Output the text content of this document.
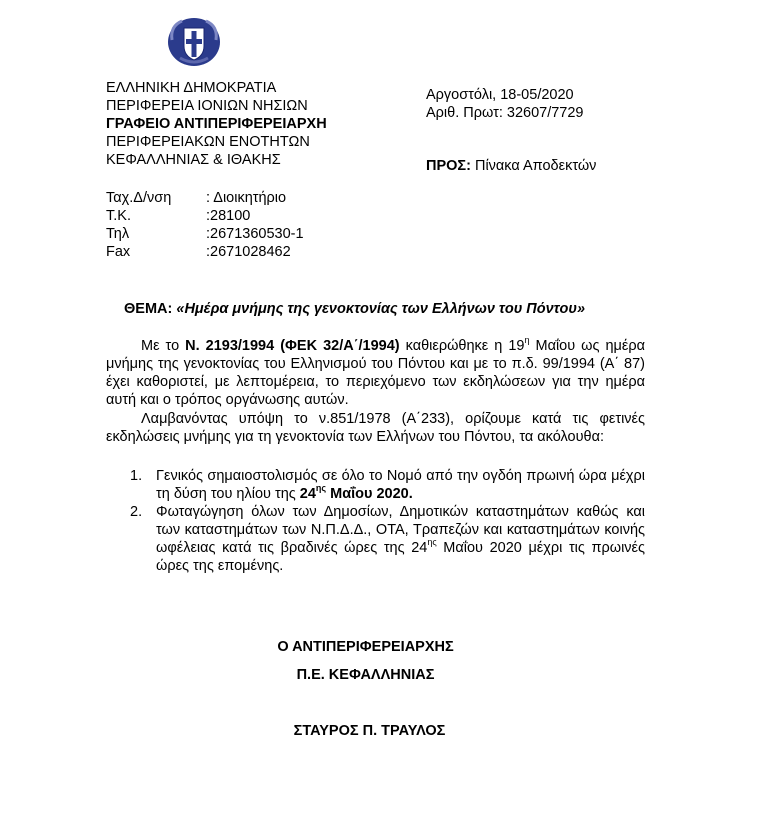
ΕΛΛΗΝΙΚΗ ΔΗΜΟΚΡΑΤΙΑ
ΠΕΡΙΦΕΡΕΙΑ ΙΟΝΙΩΝ ΝΗΣΙΩΝ
ΓΡΑΦΕΙΟ ΑΝΤΙΠΕΡΙΦΕΡΕΙΑΡΧΗ
ΠΕΡΙΦΕΡΕΙΑΚΩΝ ΕΝΟΤΗΤΩΝ
ΚΕΦΑΛΛΗΝΙΑΣ & ΙΘΑΚΗΣ
Αργοστόλι, 18-05/2020
Αριθ. Πρωτ: 32607/7729
ΠΡΟΣ: Πίνακα Αποδεκτών
Ταχ.Δ/νση	: Διοικητήριο
Τ.Κ.	:28100
Τηλ	:2671360530-1
Fax	:2671028462
ΘΕΜΑ: «Ημέρα μνήμης της γενοκτονίας των Ελλήνων του Πόντου»
Με το Ν. 2193/1994 (ΦΕΚ 32/Α΄/1994) καθιερώθηκε η $19^\eta$ Μαΐου ως ημέρα μνήμης της γενοκτονίας του Ελληνισμού του Πόντου και με το π.δ. 99/1994 (Α΄ 87) έχει καθοριστεί, με λεπτομέρεια, το περιεχόμενο των εκδηλώσεων για την ημέρα αυτή και ο τρόπος οργάνωσης αυτών.
Λαμβανόντας υπόψη το ν.851/1978 (Α΄233), ορίζουμε κατά τις φετινές εκδηλώσεις μνήμης για τη γενοκτονία των Ελλήνων του Πόντου, τα ακόλουθα:
1. Γενικός σημαιοστολισμός σε όλο το Νομό από την ογδόη πρωινή ώρα μέχρι τη δύση του ηλίου της $24^{\eta\varsigma}$ Μαΐου 2020.
2. Φωταγώγηση όλων των Δημοσίων, Δημοτικών καταστημάτων καθώς και των καταστημάτων των Ν.Π.Δ.Δ., ΟΤΑ, Τραπεζών και καταστημάτων κοινής ωφέλειας κατά τις βραδινές ώρες της $24^{\eta\varsigma}$ Μαΐου 2020 μέχρι τις πρωινές ώρες της επομένης.
Ο ΑΝΤΙΠΕΡΙΦΕΡΕΙΑΡΧΗΣ
Π.Ε. ΚΕΦΑΛΛΗΝΙΑΣ
ΣΤΑΥΡΟΣ Π. ΤΡΑΥΛΟΣ
